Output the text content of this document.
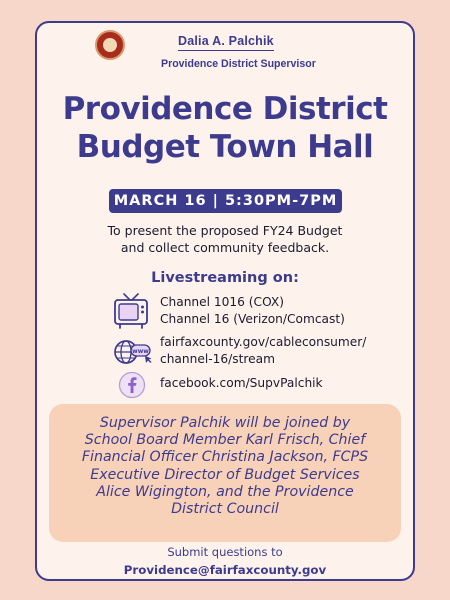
Dalia A. Palchik
Providence District Supervisor
Providence District
Budget Town Hall
MARCH 16 | 5:30PM-7PM
To present the proposed FY24 Budget
and collect community feedback.
Livestreaming on:
Channel 1016 (COX)
Channel 16 (Verizon/Comcast)
www
fairfaxcounty.gov/cableconsumer/
channel-16/stream
facebook.com/SupvPalchik
Supervisor Palchik will be joined by
School Board Member Karl Frisch, Chief
Financial Officer Christina Jackson, FCPS
Executive Director of Budget Services
Alice Wigington, and the Providence
District Council
Submit questions to
Providence@fairfaxcounty.gov
